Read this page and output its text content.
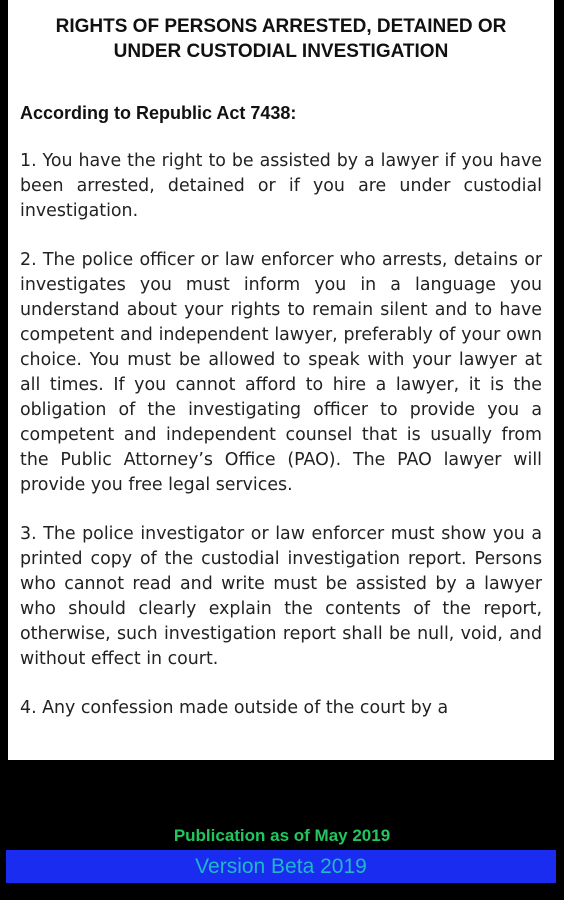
RIGHTS OF PERSONS ARRESTED, DETAINED OR UNDER CUSTODIAL INVESTIGATION
According to Republic Act 7438:
1. You have the right to be assisted by a lawyer if you have been arrested, detained or if you are under custodial investigation.
2. The police officer or law enforcer who arrests, detains or investigates you must inform you in a language you understand about your rights to remain silent and to have competent and independent lawyer, preferably of your own choice. You must be allowed to speak with your lawyer at all times. If you cannot afford to hire a lawyer, it is the obligation of the investigating officer to provide you a competent and independent counsel that is usually from the Public Attorney’s Office (PAO). The PAO lawyer will provide you free legal services.
3. The police investigator or law enforcer must show you a printed copy of the custodial investigation report. Persons who cannot read and write must be assisted by a lawyer who should clearly explain the contents of the report, otherwise, such investigation report shall be null, void, and without effect in court.
4. Any confession made outside of the court by a
Publication as of May 2019
Version Beta 2019
